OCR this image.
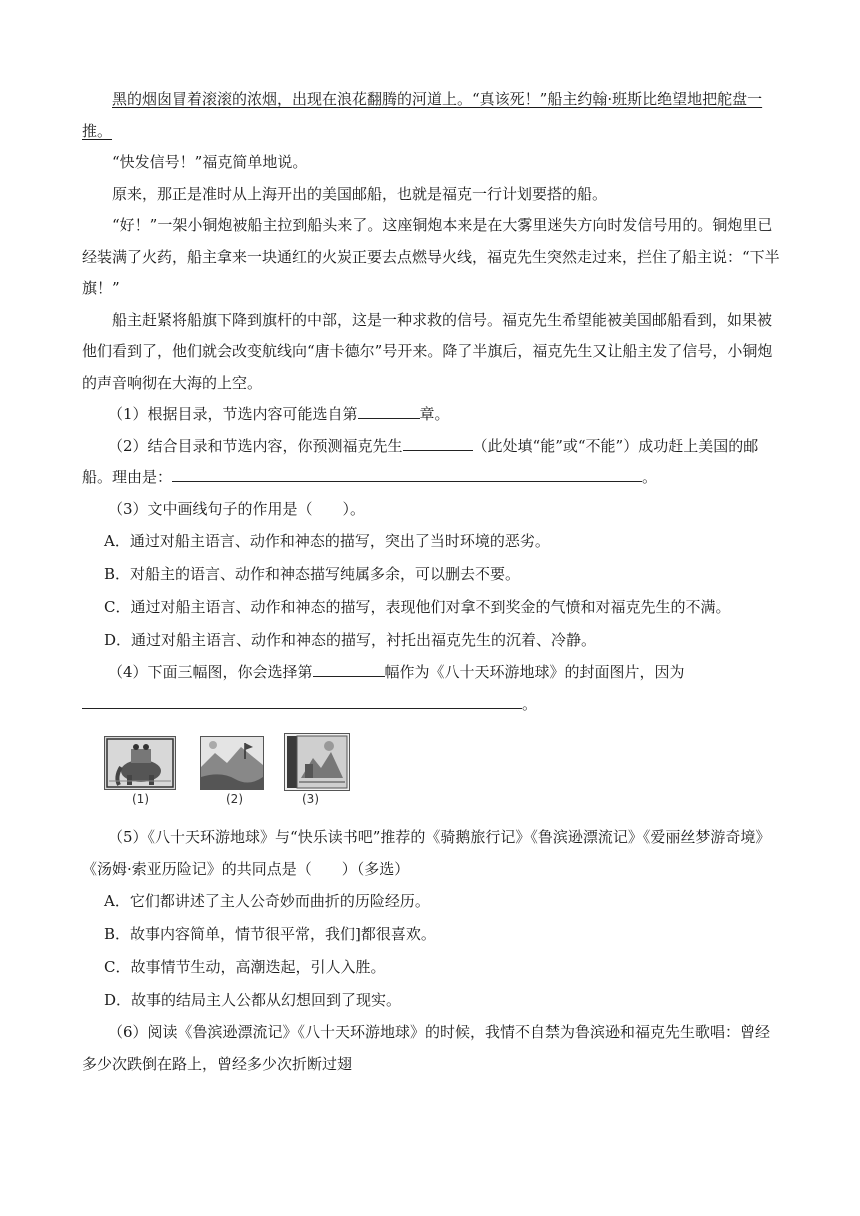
黑的烟囱冒着滚滚的浓烟，出现在浪花翻腾的河道上。“真该死！”船主约翰·班斯比绝望地把舵盘一推。

“快发信号！”福克简单地说。

原来，那正是准时从上海开出的美国邮船，也就是福克一行计划要搭的船。

“好！”一架小铜炮被船主拉到船头来了。这座铜炮本来是在大雾里迷失方向时发信号用的。铜炮里已经装满了火药，船主拿来一块通红的火炭正要去点燃导火线，福克先生突然走过来，拦住了船主说：“下半旗！”

船主赶紧将船旗下降到旗杆的中部，这是一种求救的信号。福克先生希望能被美国邮船看到，如果被他们看到了，他们就会改变航线向“唐卡德尔”号开来。降了半旗后，福克先生又让船主发了信号，小铜炮的声音响彻在大海的上空。

（1）根据目录，节选内容可能选自第	章。

（2）结合目录和节选内容，你预测福克先生	（此处填“能”或“不能”）成功赶上美国的邮船。理由是：	。

（3）文中画线句子的作用是（　　）。

A．通过对船主语言、动作和神态的描写，突出了当时环境的恶劣。

B．对船主的语言、动作和神态描写纯属多余，可以删去不要。

C．通过对船主语言、动作和神态的描写，表现他们对拿不到奖金的气愤和对福克先生的不满。

D．通过对船主语言、动作和神态的描写，衬托出福克先生的沉着、冷静。

（4）下面三幅图，你会选择第	幅作为《八十天环游地球》的封面图片，因为。

(1)	(2)	(3)

（5）《八十天环游地球》与“快乐读书吧”推荐的《骑鹅旅行记》《鲁滨逊漂流记》《爱丽丝梦游奇境》《汤姆·索亚历险记》的共同点是（　　）（多选）

A．它们都讲述了主人公奇妙而曲折的历险经历。

B．故事内容简单，情节很平常，我们]都很喜欢。

C．故事情节生动，高潮迭起，引人入胜。

D．故事的结局主人公都从幻想回到了现实。

（6）阅读《鲁滨逊漂流记》《八十天环游地球》的时候，我情不自禁为鲁滨逊和福克先生歌唱：曾经多少次跌倒在路上，曾经多少次折断过翅
